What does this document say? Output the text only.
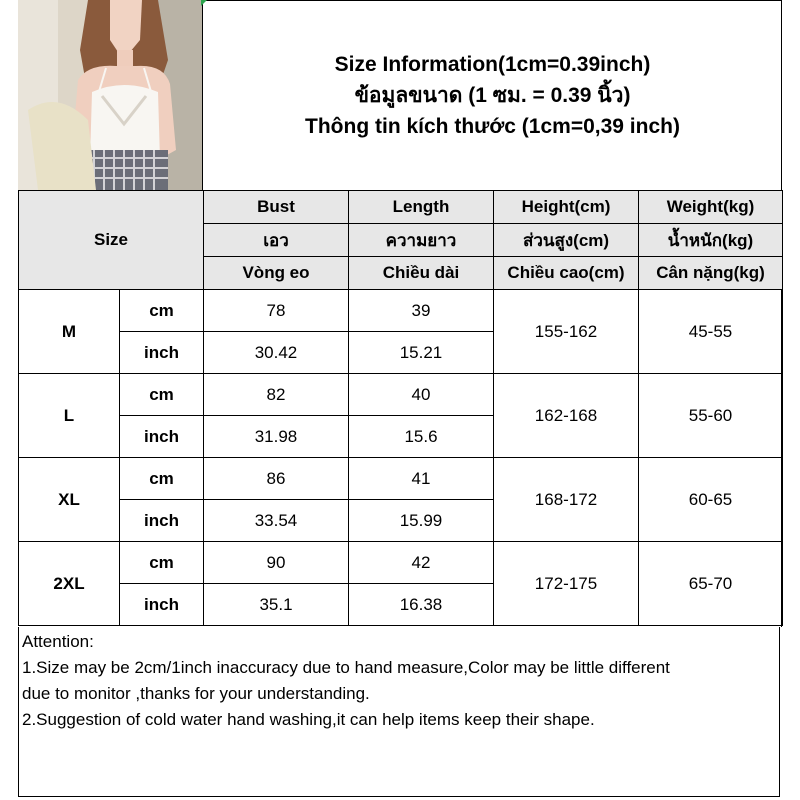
Size Information(1cm=0.39inch)
ข้อมูลขนาด (1 ซม. = 0.39 นิ้ว)
Thông tin kích thước (1cm=0,39 inch)
Size		Bust	Length	Height(cm)	Weight(kg)
		เอว	ความยาว	ส่วนสูง(cm)	น้ำหนัก(kg)
		Vòng eo	Chiều dài	Chiều cao(cm)	Cân nặng(kg)
M	cm	78	39	155-162	45-55
	inch	30.42	15.21		
L	cm	82	40	162-168	55-60
	inch	31.98	15.6		
XL	cm	86	41	168-172	60-65
	inch	33.54	15.99		
2XL	cm	90	42	172-175	65-70
	inch	35.1	16.38		
Attention:
1.Size may be 2cm/1inch inaccuracy due to hand measure,Color may be little different
due to monitor ,thanks for your understanding.
2.Suggestion of cold water hand washing,it can help items keep their shape.
